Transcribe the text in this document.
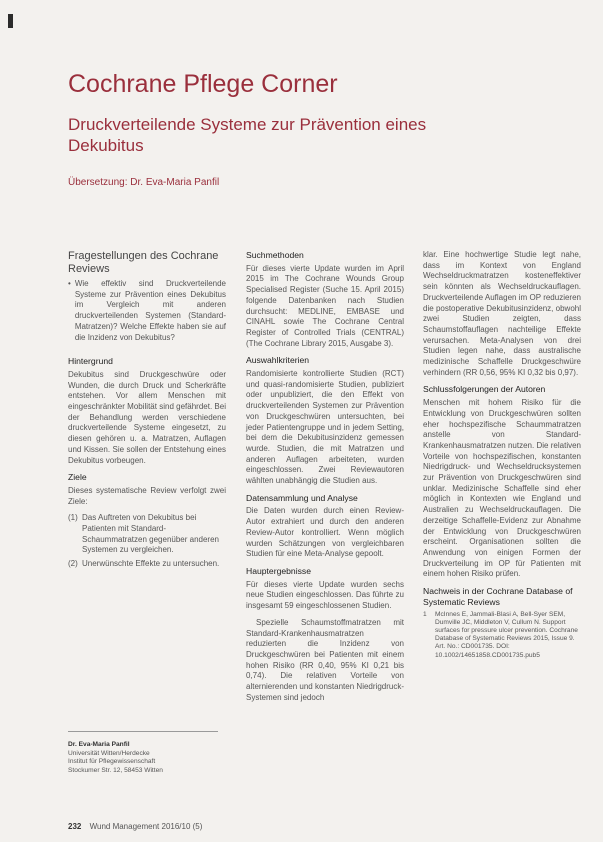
Cochrane Pflege Corner
Druckverteilende Systeme zur Prävention eines Dekubitus
Übersetzung: Dr. Eva-Maria Panfil
Fragestellungen des Cochrane Reviews
• Wie effektiv sind Druckverteilende Systeme zur Prävention eines Dekubitus im Vergleich mit anderen druckverteilenden Systemen (Standard-Matratzen)? Welche Effekte haben sie auf die Inzidenz von Dekubitus?
Hintergrund
Dekubitus sind Druckgeschwüre oder Wunden, die durch Druck und Scherkräfte entstehen. Vor allem Menschen mit eingeschränkter Mobilität sind gefährdet. Bei der Behandlung werden verschiedene druckverteilende Systeme eingesetzt, zu diesen gehören u. a. Matratzen, Auflagen und Kissen. Sie sollen der Entstehung eines Dekubitus vorbeugen.
Ziele
Dieses systematische Review verfolgt zwei Ziele:
(1) Das Auftreten von Dekubitus bei Patienten mit Standard-Schaummatratzen gegenüber anderen Systemen zu vergleichen.
(2) Unerwünschte Effekte zu untersuchen.
Dr. Eva-Maria Panfil
Universität Witten/Herdecke
Institut für Pflegewissenschaft
Stockumer Str. 12, 58453 Witten
Suchmethoden
Für dieses vierte Update wurden im April 2015 im The Cochrane Wounds Group Specialised Register (Suche 15. April 2015) folgende Datenbanken nach Studien durchsucht: MEDLINE, EMBASE und CINAHL sowie The Cochrane Central Register of Controlled Trials (CENTRAL) (The Cochrane Library 2015, Ausgabe 3).
Auswahlkriterien
Randomisierte kontrollierte Studien (RCT) und quasi-randomisierte Studien, publiziert oder unpubliziert, die den Effekt von druckverteilenden Systemen zur Prävention von Druckgeschwüren untersuchten, bei jeder Patientengruppe und in jedem Setting, bei dem die Dekubitusinzidenz gemessen wurde. Studien, die mit Matratzen und anderen Auflagen arbeiteten, wurden eingeschlossen. Zwei Reviewautoren wählten unabhängig die Studien aus.
Datensammlung und Analyse
Die Daten wurden durch einen Review-Autor extrahiert und durch den anderen Review-Autor kontrolliert. Wenn möglich wurden Schätzungen von vergleichbaren Studien für eine Meta-Analyse gepoolt.
Hauptergebnisse
Für dieses vierte Update wurden sechs neue Studien eingeschlossen. Das führte zu insgesamt 59 eingeschlossenen Studien.
Spezielle Schaumstoffmatratzen mit Standard-Krankenhausmatratzen reduzierten die Inzidenz von Druckgeschwüren bei Patienten mit einem hohen Risiko (RR 0,40, 95% KI 0,21 bis 0,74). Die relativen Vorteile von alternierenden und konstanten Niedrigdruck-Systemen sind jedoch
klar. Eine hochwertige Studie legt nahe, dass im Kontext von England Wechseldruckmatratzen kosteneffektiver sein könnten als Wechseldruckauflagen. Druckverteilende Auflagen im OP reduzieren die postoperative Dekubitusinzidenz, obwohl zwei Studien zeigten, dass Schaumstoffauflagen nachteilige Effekte verursachen. Meta-Analysen von drei Studien legen nahe, dass australische medizinische Schaffelle Druckgeschwüre verhindern (RR 0,56, 95% KI 0,32 bis 0,97).
Schlussfolgerungen der Autoren
Menschen mit hohem Risiko für die Entwicklung von Druckgeschwüren sollten eher hochspezifische Schaummatratzen anstelle von Standard-Krankenhausmatratzen nutzen. Die relativen Vorteile von hochspezifischen, konstanten Niedrigdruck- und Wechseldrucksystemen zur Prävention von Druckgeschwüren sind unklar. Medizinische Schaffelle sind eher möglich in Kontexten wie England und Australien zu Wechseldruckauflagen. Die derzeitige Schaffelle-Evidenz zur Abnahme der Entwicklung von Druckgeschwüren erscheint. Organisationen sollten die Anwendung von einigen Formen der Druckverteilung im OP für Patienten mit einem hohen Risiko prüfen.
Nachweis in der Cochrane Database of Systematic Reviews
1	McInnes E, Jammali-Blasi A, Bell-Syer SEM, Dumville JC, Middleton V, Cullum N. Support surfaces for pressure ulcer prevention. Cochrane Database of Systematic Reviews 2015, Issue 9. Art. No.: CD001735. DOI: 10.1002/14651858.CD001735.pub5
232 Wund Management 2016/10 (5)
